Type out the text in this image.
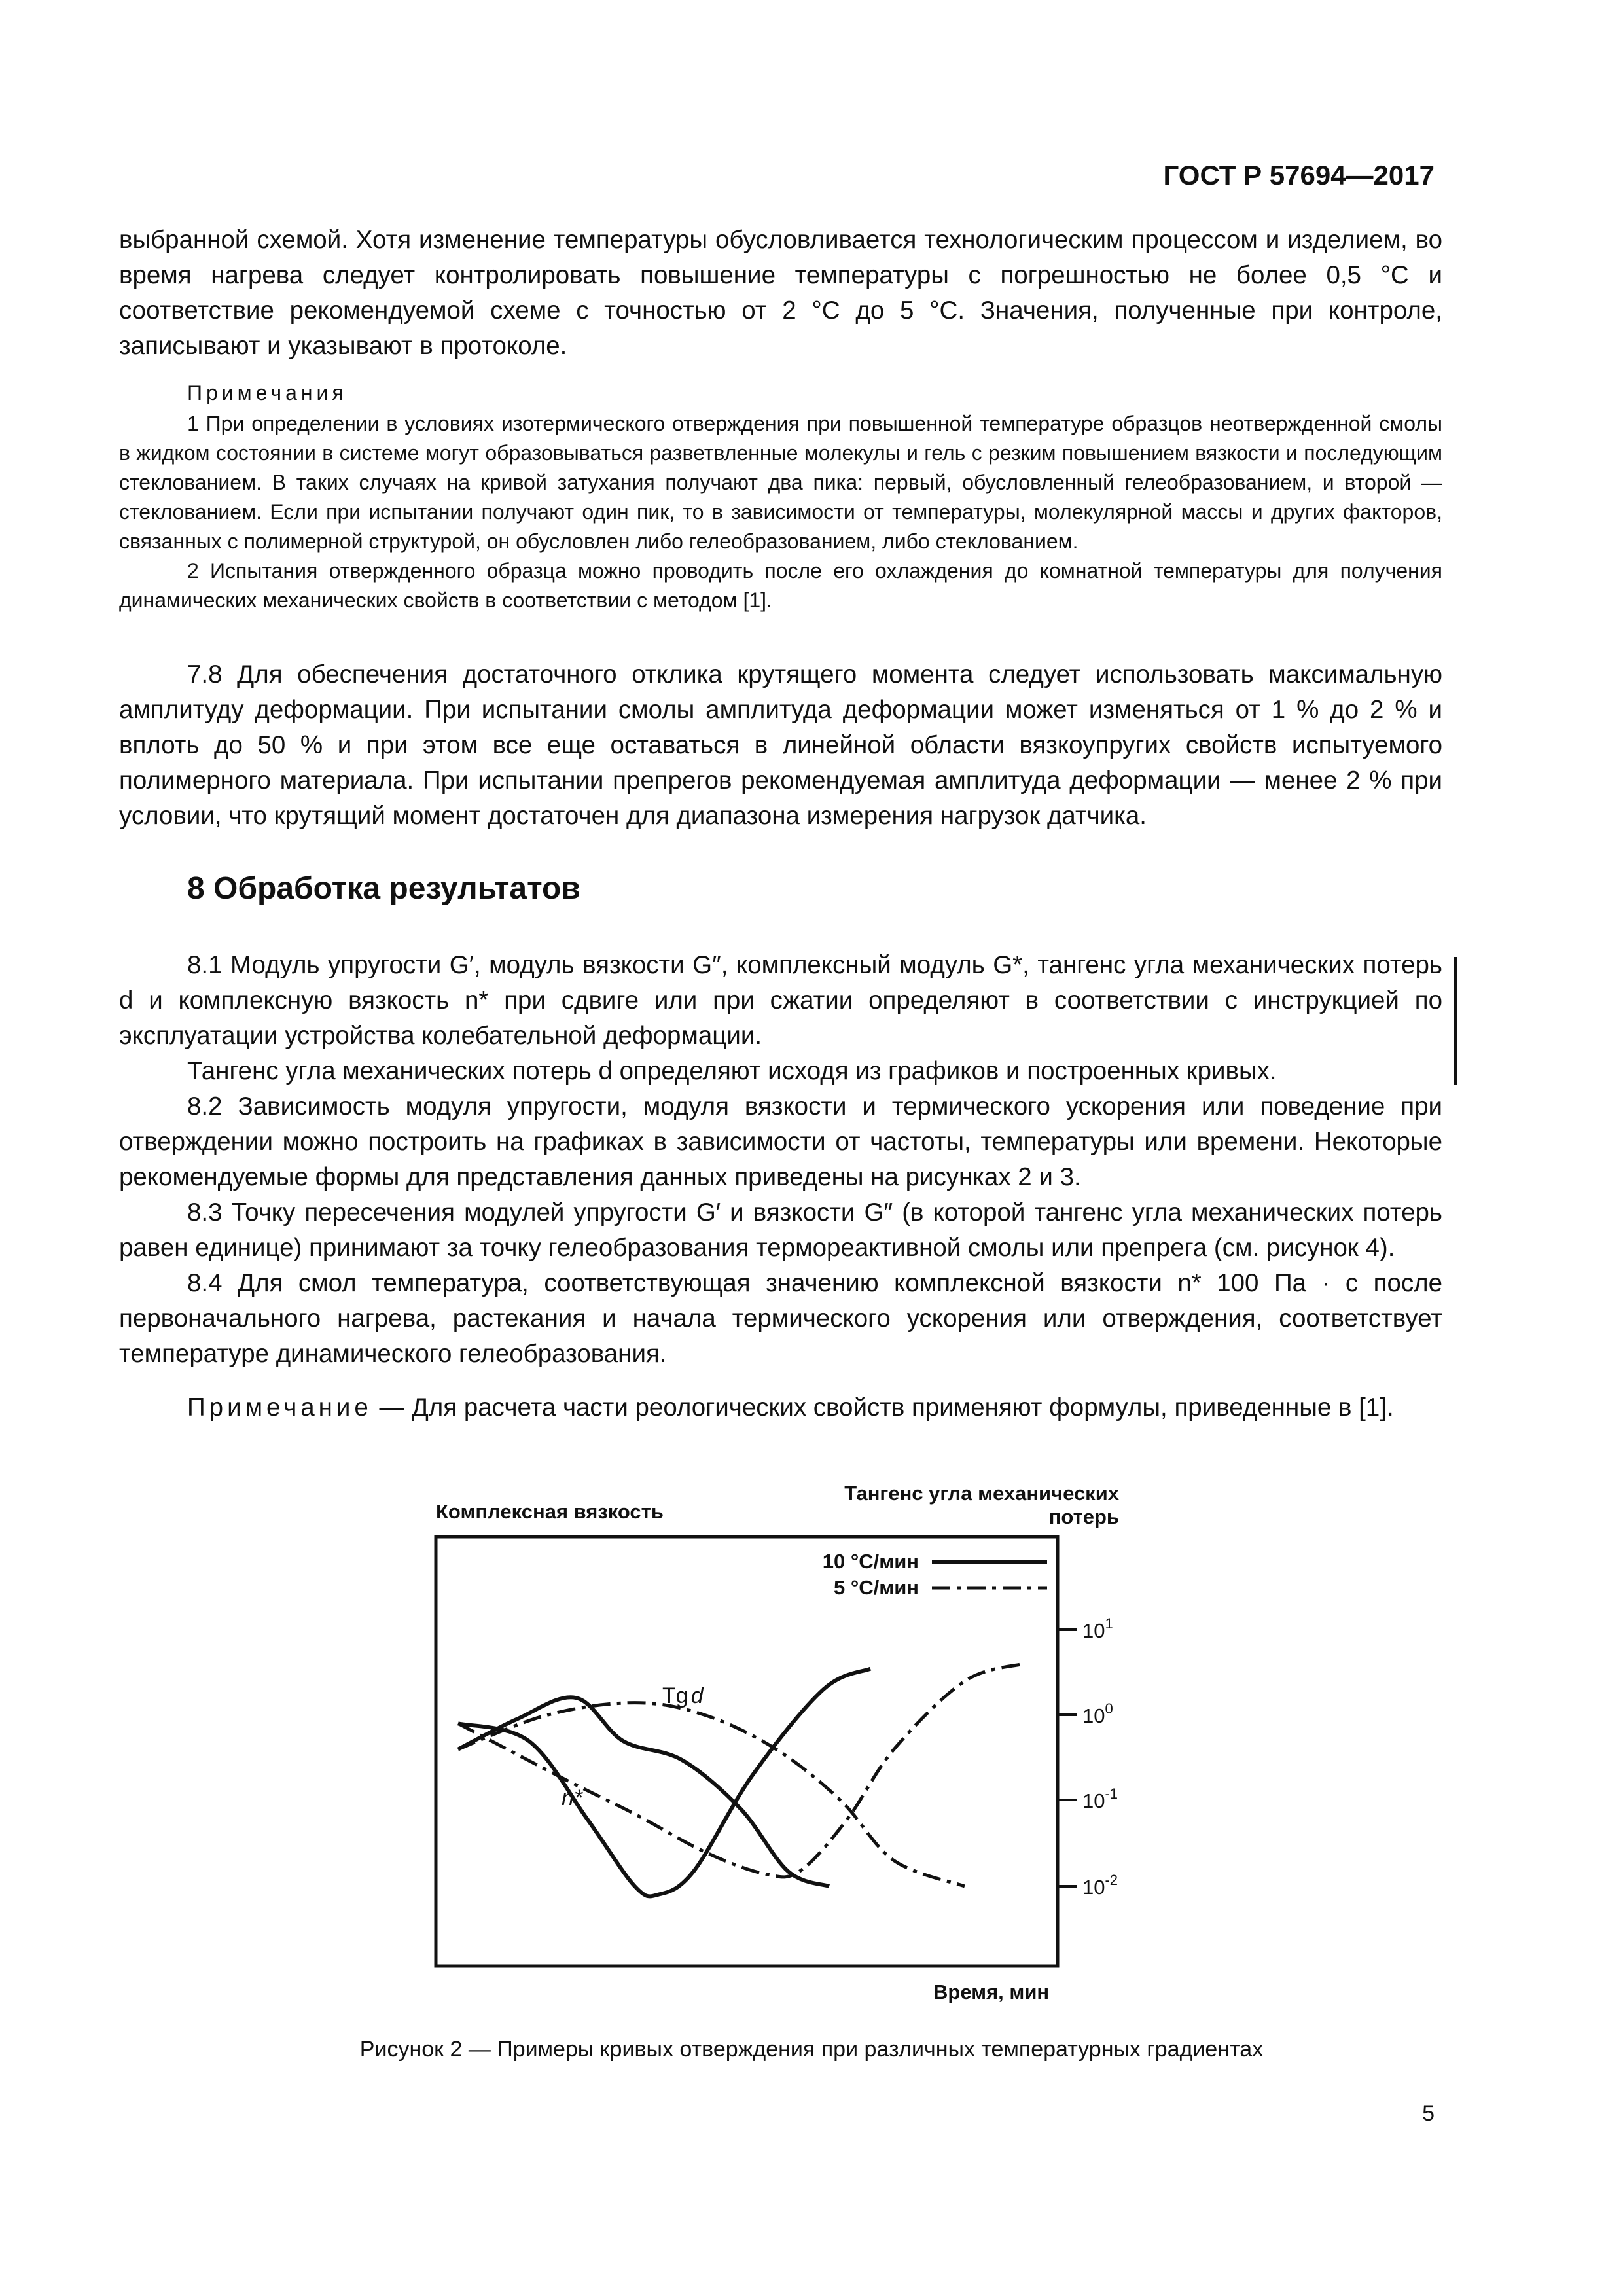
ГОСТ Р 57694—2017
выбранной схемой. Хотя изменение температуры обусловливается технологическим процессом и изделием, во время нагрева следует контролировать повышение температуры с погрешностью не более 0,5 °С и соответствие рекомендуемой схеме с точностью от 2 °С до 5 °С. Значения, полученные при контроле, записывают и указывают в протоколе.
Примечания
1 При определении в условиях изотермического отверждения при повышенной температуре образцов неотвержденной смолы в жидком состоянии в системе могут образовываться разветвленные молекулы и гель с резким повышением вязкости и последующим стеклованием. В таких случаях на кривой затухания получают два пика: первый, обусловленный гелеобразованием, и второй — стеклованием. Если при испытании получают один пик, то в зависимости от температуры, молекулярной массы и других факторов, связанных с полимерной структурой, он обусловлен либо гелеобразованием, либо стеклованием.
2 Испытания отвержденного образца можно проводить после его охлаждения до комнатной температуры для получения динамических механических свойств в соответствии с методом [1].
7.8 Для обеспечения достаточного отклика крутящего момента следует использовать максимальную амплитуду деформации. При испытании смолы амплитуда деформации может изменяться от 1 % до 2 % и вплоть до 50 % и при этом все еще оставаться в линейной области вязкоупругих свойств испытуемого полимерного материала. При испытании препрегов рекомендуемая амплитуда деформации — менее 2 % при условии, что крутящий момент достаточен для диапазона измерения нагрузок датчика.
8 Обработка результатов
8.1 Модуль упругости G′, модуль вязкости G″, комплексный модуль G*, тангенс угла механических потерь d и комплексную вязкость n* при сдвиге или при сжатии определяют в соответствии с инструкцией по эксплуатации устройства колебательной деформации.
Тангенс угла механических потерь d определяют исходя из графиков и построенных кривых.
8.2 Зависимость модуля упругости, модуля вязкости и термического ускорения или поведение при отверждении можно построить на графиках в зависимости от частоты, температуры или времени. Некоторые рекомендуемые формы для представления данных приведены на рисунках 2 и 3.
8.3 Точку пересечения модулей упругости G′ и вязкости G″ (в которой тангенс угла механических потерь равен единице) принимают за точку гелеобразования термореактивной смолы или препрега (см. рисунок 4).
8.4 Для смол температура, соответствующая значению комплексной вязкости n* 100 Па · с после первоначального нагрева, растекания и начала термического ускорения или отверждения, соответствует температуре динамического гелеобразования.
Примечание — Для расчета части реологических свойств применяют формулы, приведенные в [1].
Комплексная вязкость
Тангенс угла механических потерь
Время, мин
10 °С/мин
5 °С/мин
$10^1$
$10^0$
$10^{-1}$
$10^{-2}$
Tg d
n*
Рисунок 2 — Примеры кривых отверждения при различных температурных градиентах
5
